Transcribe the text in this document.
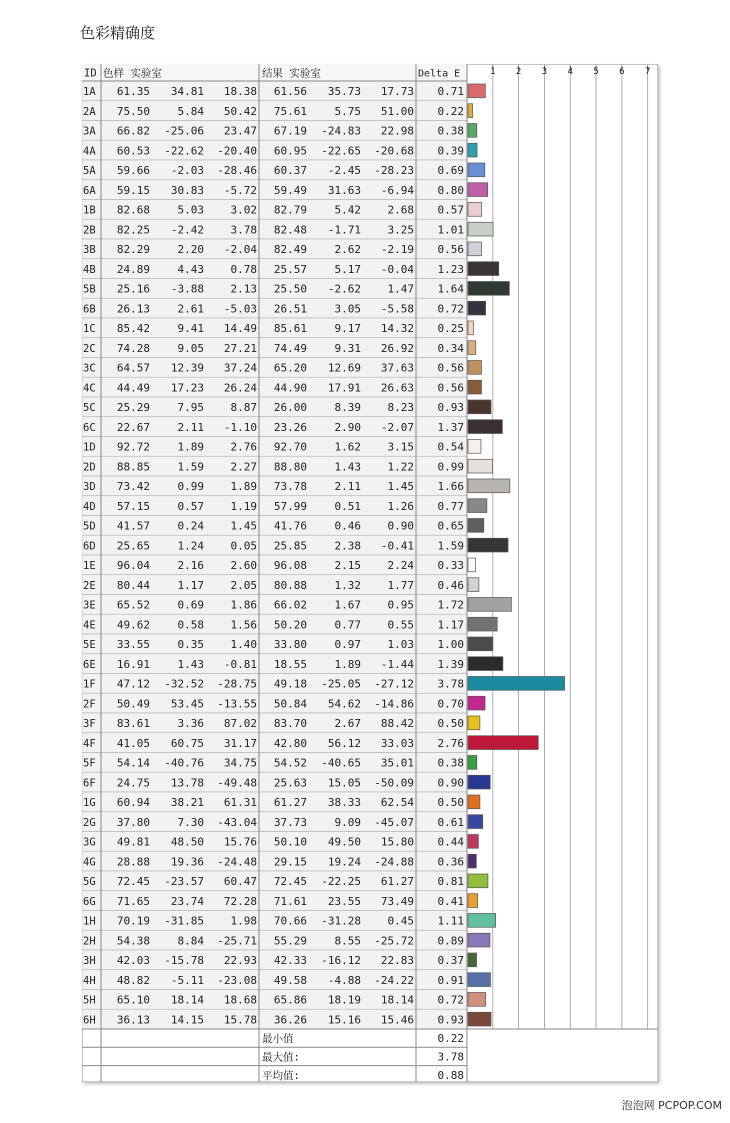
色彩精确度
1 2 3 4 5 6 7
ID 色样 实验室	结果 实验室	Delta E
1A 61.35 34.81 18.38 61.56 35.73 17.73 0.71
2A 75.50	5.84 50.42 75.61	5.75 51.00 0.22
3A 66.82 -25.06 23.47 67.19 -24.83 22.98 0.38
4A 60.53 -22.62 -20.40 60.95 -22.65 -20.68 0.39
5A 59.66 -2.03 -28.46 60.37 -2.45 -28.23 0.69
6A 59.15 30.83 -5.72 59.49 31.63 -6.94 0.80
1B 82.68	5.03 3.02 82.79	5.42 2.68 0.57
2B 82.25 -2.42 3.78 82.48 -1.71 3.25 1.01
3B 82.29	2.20 -2.04 82.49	2.62 -2.19 0.56
4B 24.89	4.43 0.78 25.57	5.17 -0.04 1.23
5B 25.16 -3.88 2.13 25.50 -2.62 1.47 1.64
6B 26.13	2.61 -5.03 26.51	3.05 -5.58 0.72
1C 85.42	9.41 14.49 85.61	9.17 14.32 0.25
2C 74.28	9.05 27.21 74.49	9.31 26.92 0.34
3C 64.57 12.39 37.24 65.20 12.69 37.63 0.56
4C 44.49 17.23 26.24 44.90 17.91 26.63 0.56
5C 25.29	7.95 8.87 26.00	8.39 8.23 0.93
6C 22.67	2.11 -1.10 23.26	2.90 -2.07 1.37
1D 92.72	1.89 2.76 92.70	1.62 3.15 0.54
2D 88.85	1.59 2.27 88.80	1.43 1.22 0.99
3D 73.42	0.99 1.89 73.78	2.11 1.45 1.66
4D 57.15	0.57 1.19 57.99	0.51 1.26 0.77
5D 41.57	0.24 1.45 41.76	0.46 0.90 0.65
6D 25.65	1.24 0.05 25.85	2.38 -0.41 1.59
1E 96.04	2.16 2.60 96.08	2.15 2.24 0.33
2E 80.44	1.17 2.05 80.88	1.32 1.77 0.46
3E 65.52	0.69 1.86 66.02	1.67 0.95 1.72
4E 49.62	0.58 1.56 50.20	0.77 0.55 1.17
5E 33.55	0.35 1.40 33.80	0.97 1.03 1.00
6E 16.91	1.43 -0.81 18.55	1.89 -1.44 1.39
1F 47.12 -32.52 -28.75 49.18 -25.05 -27.12 3.78
2F 50.49 53.45 -13.55 50.84 54.62 -14.86 0.70
3F 83.61	3.36 87.02 83.70	2.67 88.42 0.50
4F 41.05 60.75 31.17 42.80 56.12 33.03 2.76
5F 54.14 -40.76 34.75 54.52 -40.65 35.01 0.38
6F 24.75 13.78 -49.48 25.63 15.05 -50.09 0.90
1G 60.94 38.21 61.31 61.27 38.33 62.54 0.50
2G 37.80	7.30 -43.04 37.73	9.09 -45.07 0.61
3G 49.81 48.50 15.76 50.10 49.50 15.80 0.44
4G 28.88 19.36 -24.48 29.15 19.24 -24.88 0.36
5G 72.45 -23.57 60.47 72.45 -22.25 61.27 0.81
6G 71.65 23.74 72.28 71.61 23.55 73.49 0.41
1H 70.19 -31.85 1.98 70.66 -31.28 0.45 1.11
2H 54.38	8.84 -25.71 55.29	8.55 -25.72 0.89
3H 42.03 -15.78 22.93 42.33 -16.12 22.83 0.37
4H 48.82 -5.11 -23.08 49.58 -4.88 -24.22 0.91
5H 65.10 18.14 18.68 65.86 18.19 18.14 0.72
6H 36.13 14.15 15.78 36.26 15.16 15.46 0.93
最小值	0.22
最大值:	3.78
平均值:	0.88
泡泡网 PCPOP.COM
